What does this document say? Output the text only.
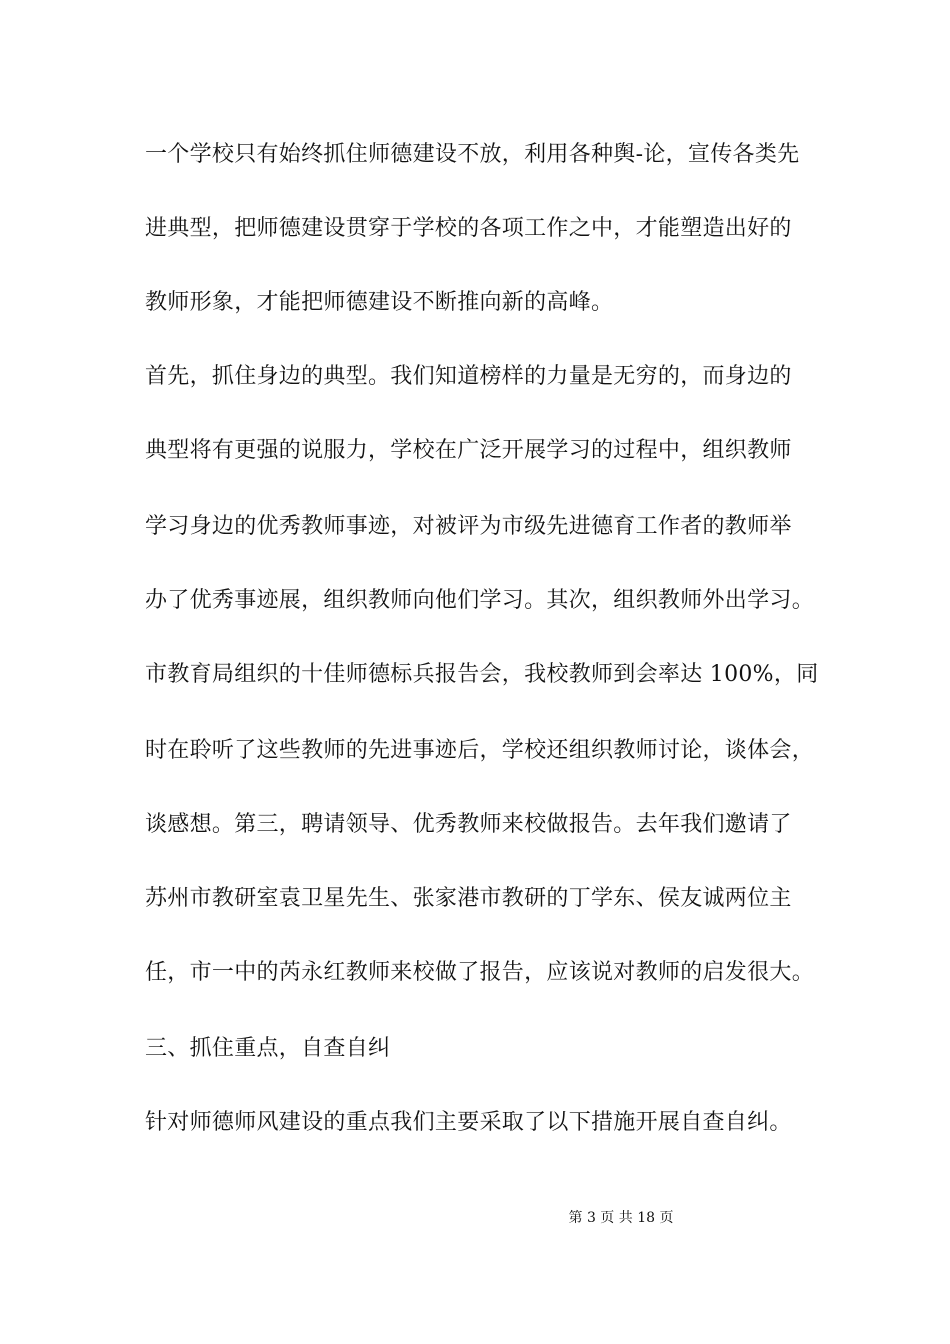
一个学校只有始终抓住师德建设不放，利用各种舆-论，宣传各类先
进典型，把师德建设贯穿于学校的各项工作之中，才能塑造出好的
教师形象，才能把师德建设不断推向新的高峰。
首先，抓住身边的典型。我们知道榜样的力量是无穷的，而身边的
典型将有更强的说服力，学校在广泛开展学习的过程中，组织教师
学习身边的优秀教师事迹，对被评为市级先进德育工作者的教师举
办了优秀事迹展，组织教师向他们学习。其次，组织教师外出学习。
市教育局组织的十佳师德标兵报告会，我校教师到会率达 100%，同
时在聆听了这些教师的先进事迹后，学校还组织教师讨论，谈体会，
谈感想。第三，聘请领导、优秀教师来校做报告。去年我们邀请了
苏州市教研室袁卫星先生、张家港市教研的丁学东、侯友诚两位主
任，市一中的芮永红教师来校做了报告，应该说对教师的启发很大。
三、抓住重点，自查自纠
针对师德师风建设的重点我们主要采取了以下措施开展自查自纠。
第 3 页 共 18 页
